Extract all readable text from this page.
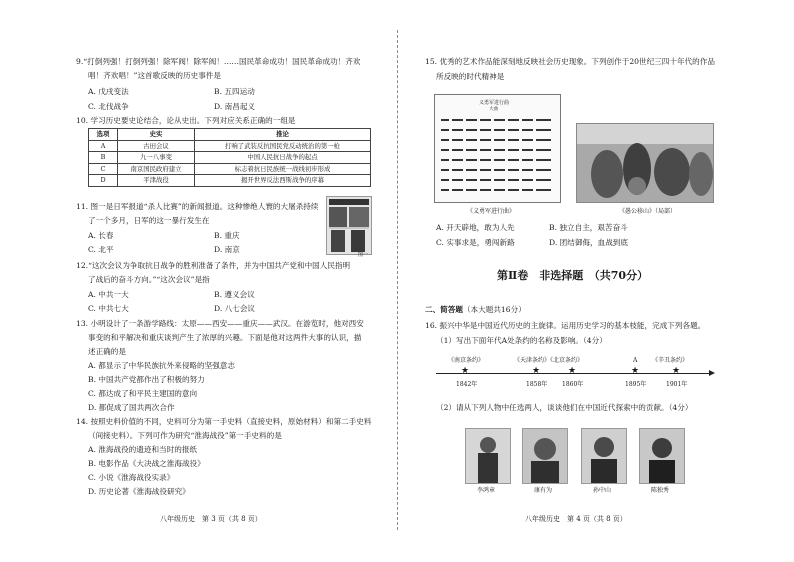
9.“打倒列强！打倒列强！除军阀！除军阀！……国民革命成功！国民革命成功！齐欢
唱！齐欢唱！”这首歌反映的历史事件是
A. 戊戌变法	B. 五四运动
C. 北伐战争	D. 南昌起义
10. 学习历史要史论结合，论从史出。下列对应关系正确的一组是
选项	史实	推论
A	古田会议	打响了武装反抗国民党反动统治的第一枪
B	九一八事变	中国人民抗日战争的起点
C	南京国民政府建立	标志着抗日民族统一战线初步形成
D	平津战役	揭开世界反法西斯战争的序幕
11. 图一是日军报道“杀人比赛”的新闻报道。这种惨绝人寰的大屠杀持续
了一个多月，日军的这一暴行发生在
A. 长春	B. 重庆
C. 北平	D. 南京
图一
12.“这次会议为争取抗日战争的胜利准备了条件，并为中国共产党和中国人民指明
了战后的奋斗方向。”“这次会议”是指
A. 中共一大	B. 遵义会议
C. 中共七大	D. 八七会议
13. 小明设计了一条游学路线：太原——西安——重庆——武汉。在游览时，他对西安
事变的和平解决和重庆谈判产生了浓厚的兴趣。下面是他对这两件大事的认识，描
述正确的是
A. 都显示了中华民族抗外来侵略的坚强意志
B. 中国共产党都作出了积极的努力
C. 都达成了和平民主建国的意向
D. 都促成了国共两次合作
14. 按照史料价值的不同，史料可分为第一手史料（直接史料，原始材料）和第二手史料
（间接史料）。下列可作为研究“淮海战役”第一手史料的是
A. 淮海战役的遗迹和当时的报纸
B. 电影作品《大决战之淮海战役》
C. 小说《淮海战役实录》
D. 历史论著《淮海战役研究》
八年级历史　第 3 页（共 8 页）
15. 优秀的艺术作品能深刻地反映社会历史现象。下列创作于20世纪三四十年代的作品
所反映的时代精神是
义勇军进行曲
大曲
《义勇军进行曲》	《愚公移山》（局部）
A. 开天辟地，敢为人先	B. 独立自主，艰苦奋斗
C. 实事求是，勇闯新路	D. 团结御侮，血战到底
第Ⅱ卷　非选择题　（共70分）
二、简答题（本大题共16分）
16. 振兴中华是中国近代历史的主旋律。运用历史学习的基本枝能，完成下列各题。
（1）写出下面年代A处条约的名称及影响。（4分）
《南京条约》	《天津条约》《北京条约》	A 《辛丑条约》
★	★	★	★	★
1842年	1858年 1860年	1895年	1901年
（2）请从下列人物中任选两人，谈谈他们在中国近代探索中的贡献。（4分）
李鸿章	康有为	孙中山	陈独秀
八年级历史　第 4 页（共 8 页）
